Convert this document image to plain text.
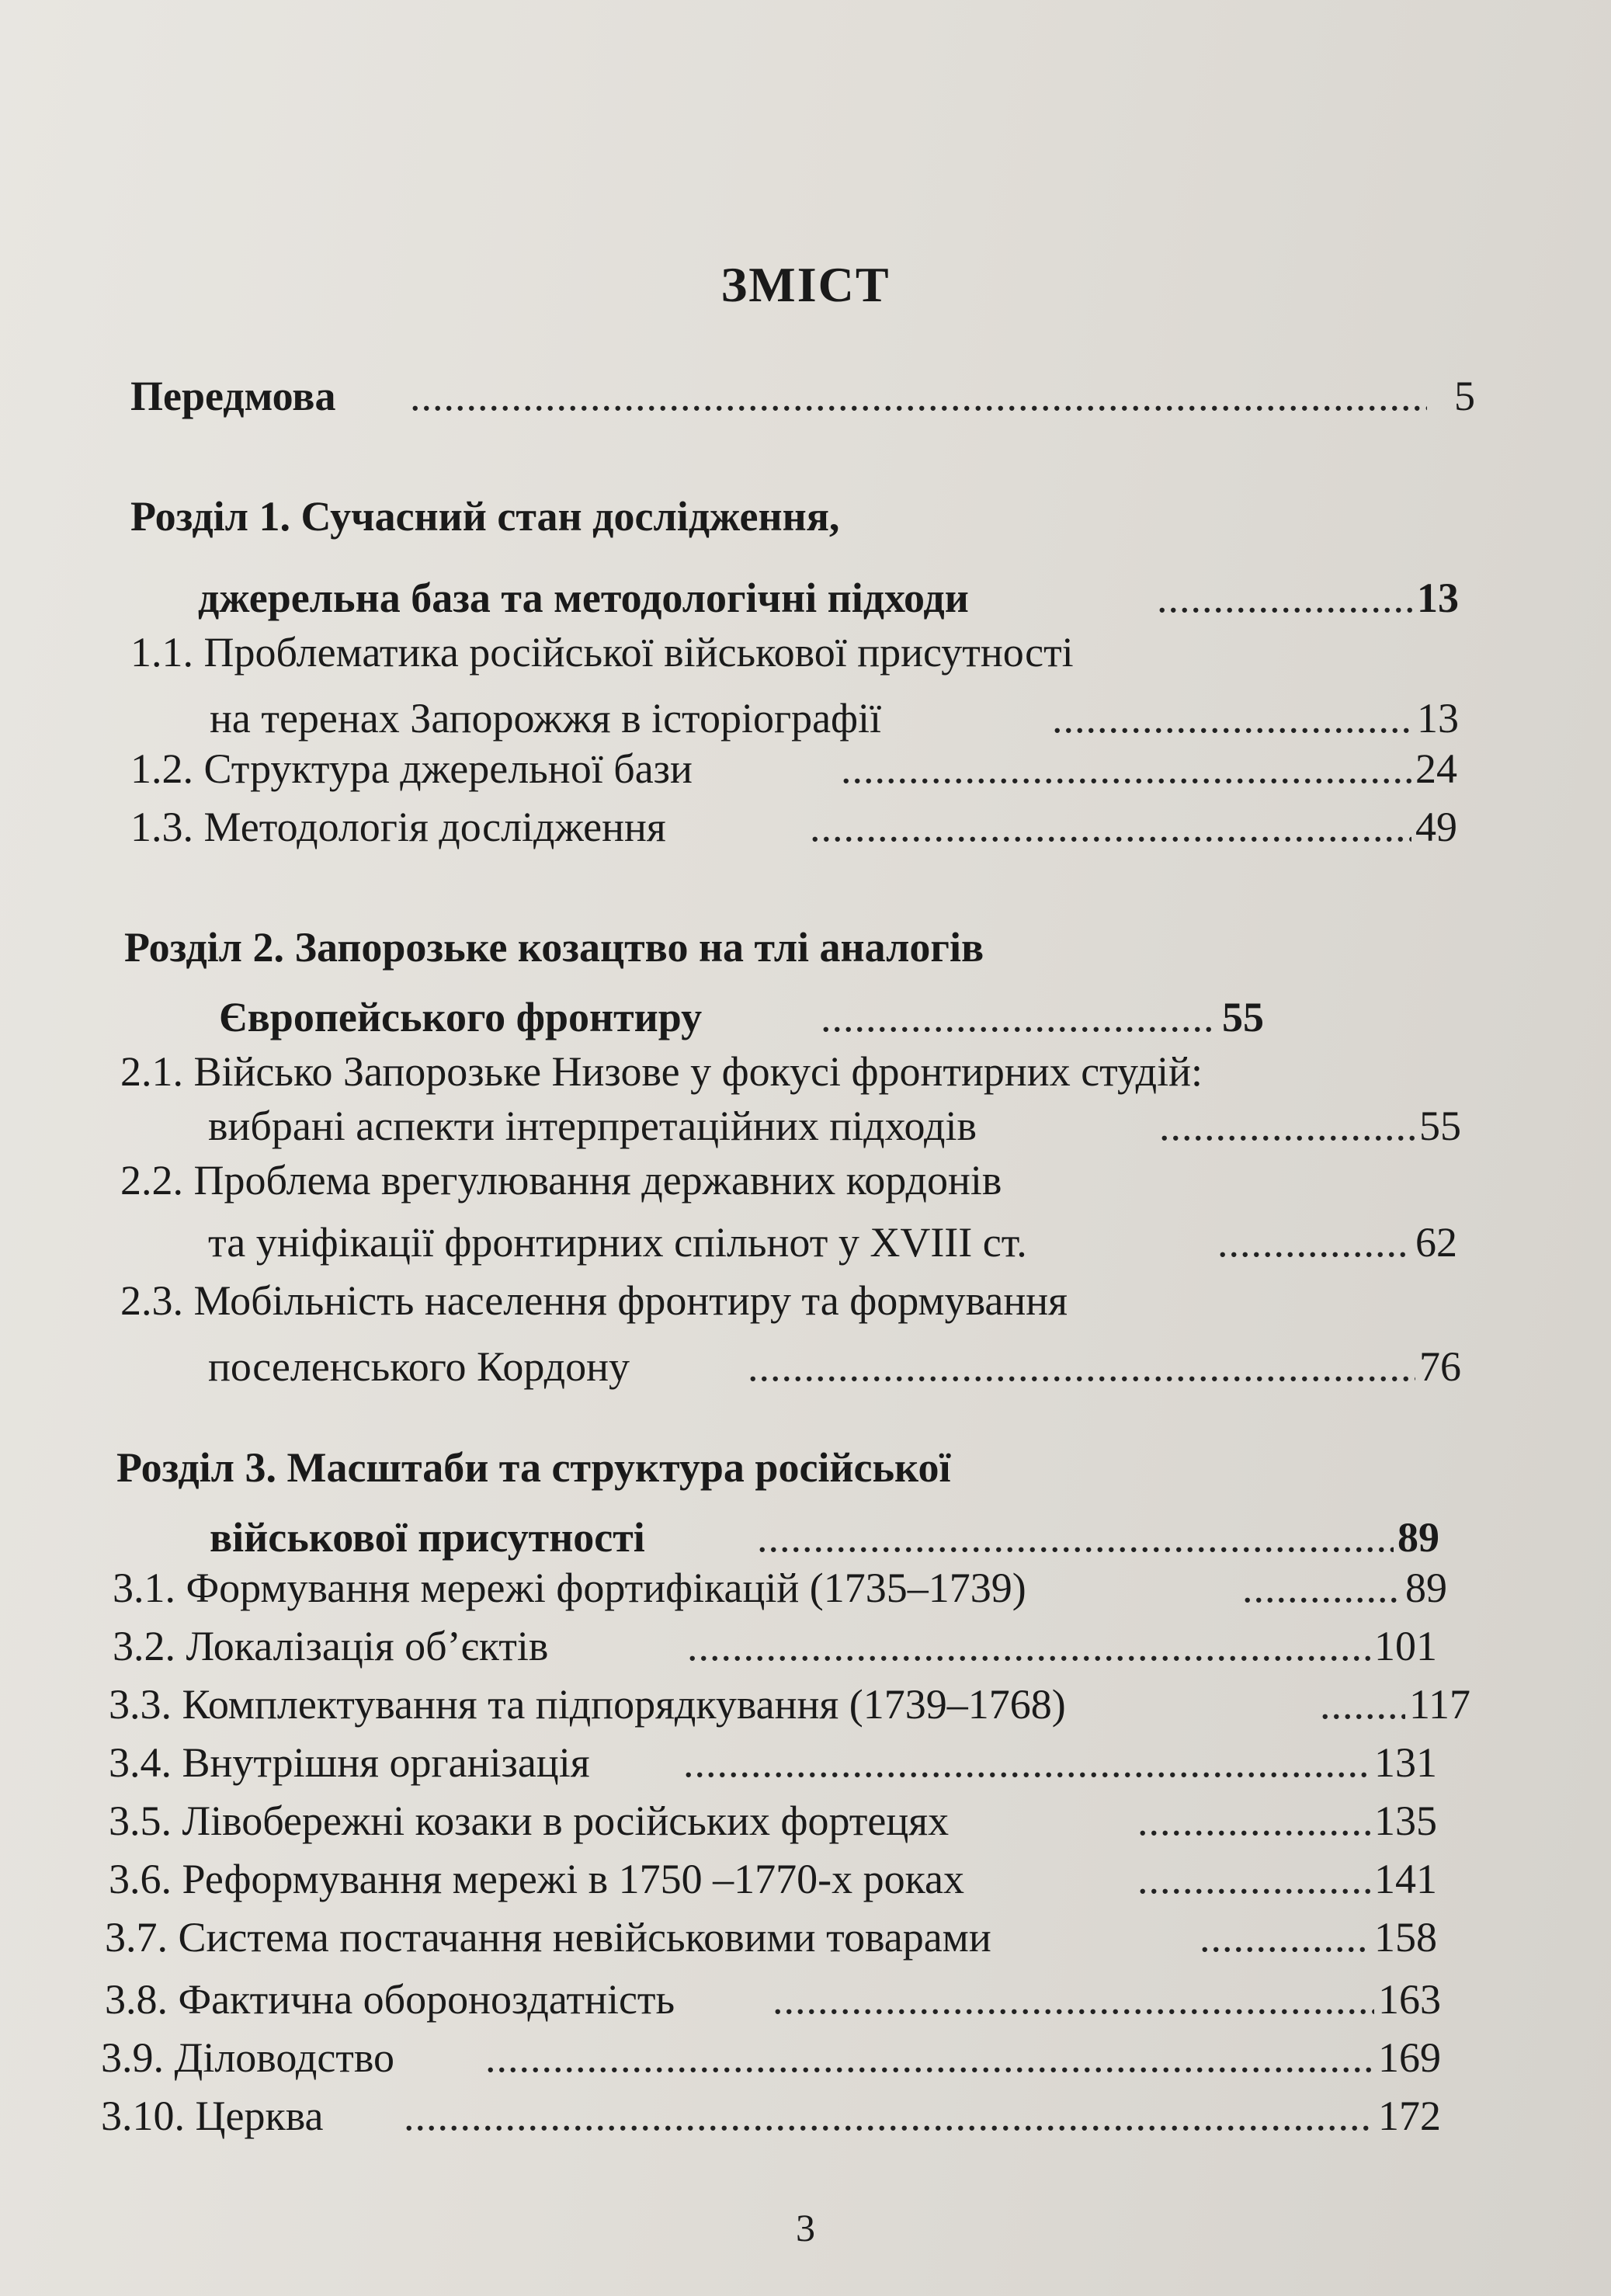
ЗМІСТ
Передмова .....	5
Розділ 1. Сучасний стан дослідження,
джерельна база та методологічні підходи .....	13
1.1. Проблематика російської військової присутності
на теренах Запорожжя в історіографії .....	13
1.2. Структура джерельної бази .....	24
1.3. Методологія дослідження .....	49
Розділ 2. Запорозьке козацтво на тлі аналогів
Європейського фронтиру .....	55
2.1. Військо Запорозьке Низове у фокусі фронтирних студій:
вибрані аспекти інтерпретаційних підходів .....	55
2.2. Проблема врегулювання державних кордонів
та уніфікації фронтирних спільнот у XVIII ст. .....	62
2.3. Мобільність населення фронтиру та формування
поселенського Кордону .....	76
Розділ 3. Масштаби та структура російської
військової присутності .....	89
3.1. Формування мережі фортифікацій (1735–1739) .....	89
3.2. Локалізація об’єктів .....	101
3.3. Комплектування та підпорядкування (1739–1768) .....	117
3.4. Внутрішня організація .....	131
3.5. Лівобережні козаки в російських фортецях .....	135
3.6. Реформування мережі в 1750 –1770-х роках .....	141
3.7. Система постачання невійськовими товарами .....	158
3.8. Фактична обороноздатність .....	163
3.9. Діловодство .....	169
3.10. Церква .....	172
3
